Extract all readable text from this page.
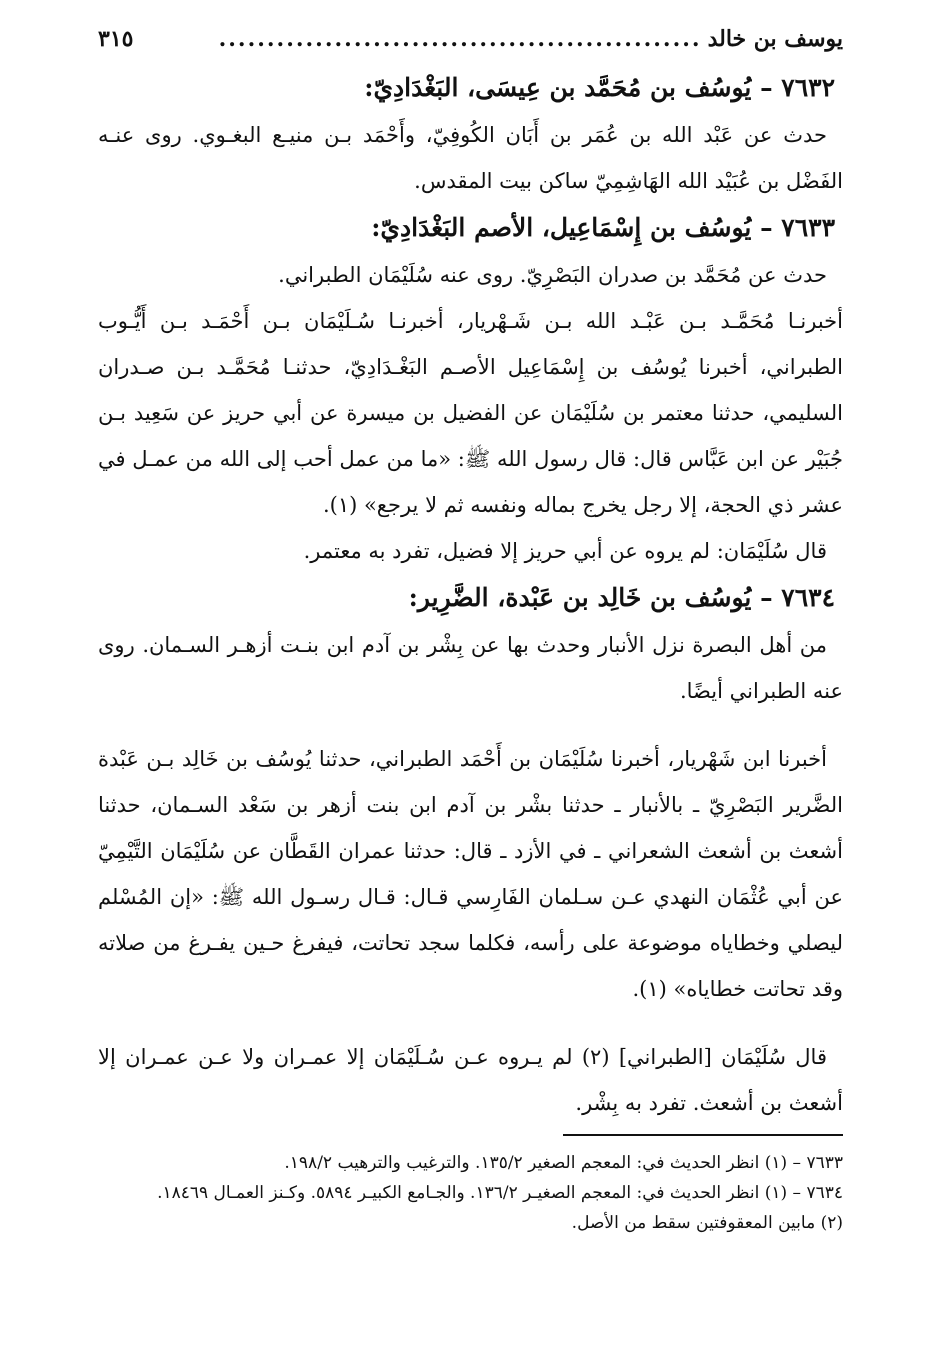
يوسف بن خالد
..................................................
٣١٥
٧٦٣٢ – يُوسُف بن مُحَمَّد بن عِيسَى، البَغْدَادِيّ:

حدث عن عَبْد الله بن عُمَر بن أَبَان الكُوفِيّ، وأَحْمَد بـن منيـع البغـوي. روى عنـه الفَضْل بن عُبَيْد الله الهَاشِمِيّ ساكن بيت المقدس.

٧٦٣٣ – يُوسُف بن إِسْمَاعِيل، الأصم البَغْدَادِيّ:

حدث عن مُحَمَّد بن صدران البَصْرِيّ. روى عنه سُلَيْمَان الطبراني.

أخبرنـا مُحَمَّـد بـن عَبْـد الله بـن شَـهْريار، أخبرنـا سُـلَيْمَان بـن أَحْمَـد بـن أَيُّـوب الطبراني، أخبرنا يُوسُف بن إِسْمَاعِيل الأصـم البَغْـدَادِيّ، حدثنـا مُحَمَّـد بـن صـدران السليمي، حدثنا معتمر بن سُلَيْمَان عن الفضيل بن ميسرة عن أبي حريز عن سَعِيد بـن جُبَيْر عن ابن عَبَّاس قال: قال رسول الله ﷺ: «ما من عمل أحب إلى الله من عمـل في عشر ذي الحجة، إلا رجل يخرج بماله ونفسه ثم لا يرجع» (١).

قال سُلَيْمَان: لم يروه عن أبي حريز إلا فضيل، تفرد به معتمر.

٧٦٣٤ – يُوسُف بن خَالِد بن عَبْدة، الضَّرِير:

من أهل البصرة نزل الأنبار وحدث بها عن بِشْر بن آدم ابن بنـت أزهـر السـمان. روى عنه الطبراني أيضًا.

أخبرنا ابن شَهْريار، أخبرنا سُلَيْمَان بن أَحْمَد الطبراني، حدثنا يُوسُف بن خَالِد بـن عَبْدة الضَّرير البَصْرِيّ ـ بالأنبار ـ حدثنا بشْر بن آدم ابن بنت أزهر بن سَعْد السـمان، حدثنا أشعث بن أشعث الشعراني ـ في الأزد ـ قال: حدثنا عمران القَطَّان عن سُلَيْمَان التَّيْمِيّ عن أبي عُثْمَان النهدي عـن سـلمان الفَارِسي قـال: قـال رسـول الله ﷺ: «إن المُسْلم ليصلي وخطاياه موضوعة على رأسه، فكلما سجد تحاتت، فيفرغ حـين يفـرغ من صلاته وقد تحاتت خطاياه» (١).

قال سُلَيْمَان [الطبراني] (٢) لم يـروه عـن سُـلَيْمَان إلا عمـران ولا عـن عمـران إلا أشعث بن أشعث. تفرد به بِشْر.

٧٦٣٣ – (١) انظر الحديث في: المعجم الصغير ١٣٥/٢. والترغيب والترهيب ١٩٨/٢.

٧٦٣٤ – (١) انظر الحديث في: المعجم الصغيـر ١٣٦/٢. والجـامع الكبيـر ٥٨٩٤. وكـنز العمـال ١٨٤٦٩.

(٢) مابين المعقوفتين سقط من الأصل.
